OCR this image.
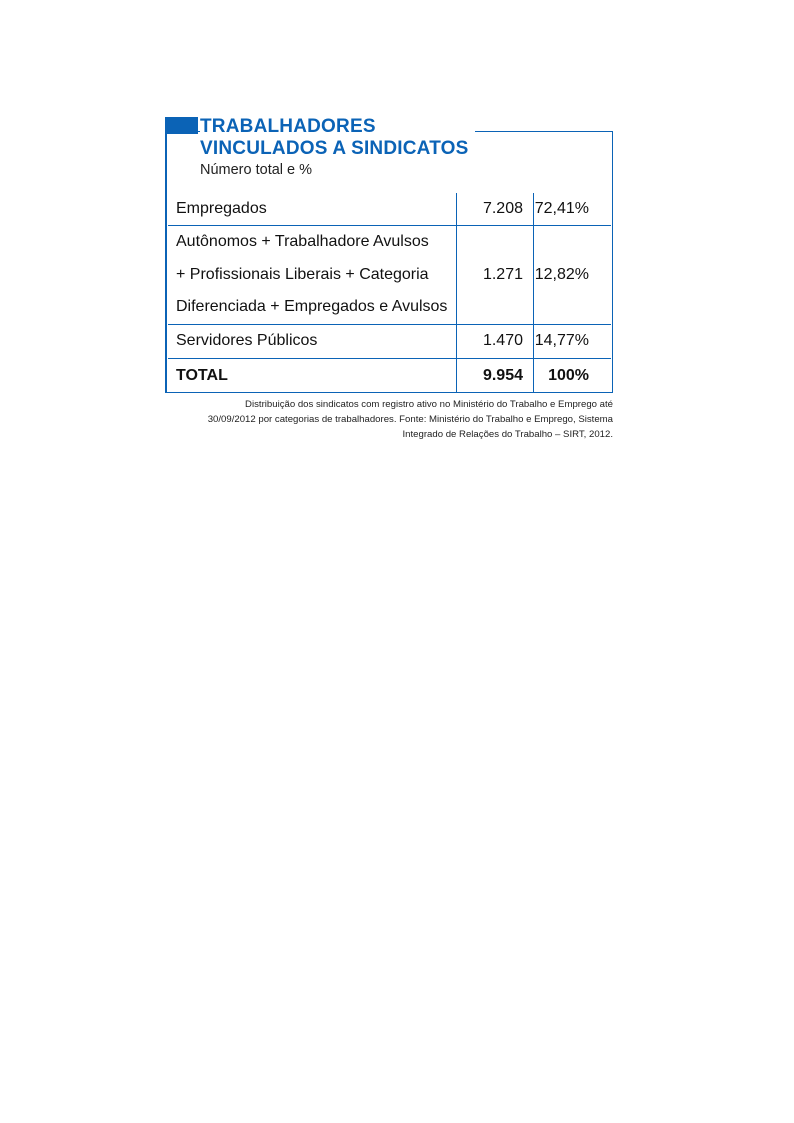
TRABALHADORES
VINCULADOS A SINDICATOS
Número total e %
Empregados	7.208	72,41%

Autônomos + Trabalhadore Avulsos
+ Profissionais Liberais + Categoria
Diferenciada + Empregados e Avulsos	1.271	12,82%
Servidores Públicos	1.470	14,77%
TOTAL	9.954	100%
Distribuição dos sindicatos com registro ativo no Ministério do Trabalho e Emprego até
30/09/2012 por categorias de trabalhadores. Fonte: Ministério do Trabalho e Emprego, Sistema
Integrado de Relações do Trabalho – SIRT, 2012.
